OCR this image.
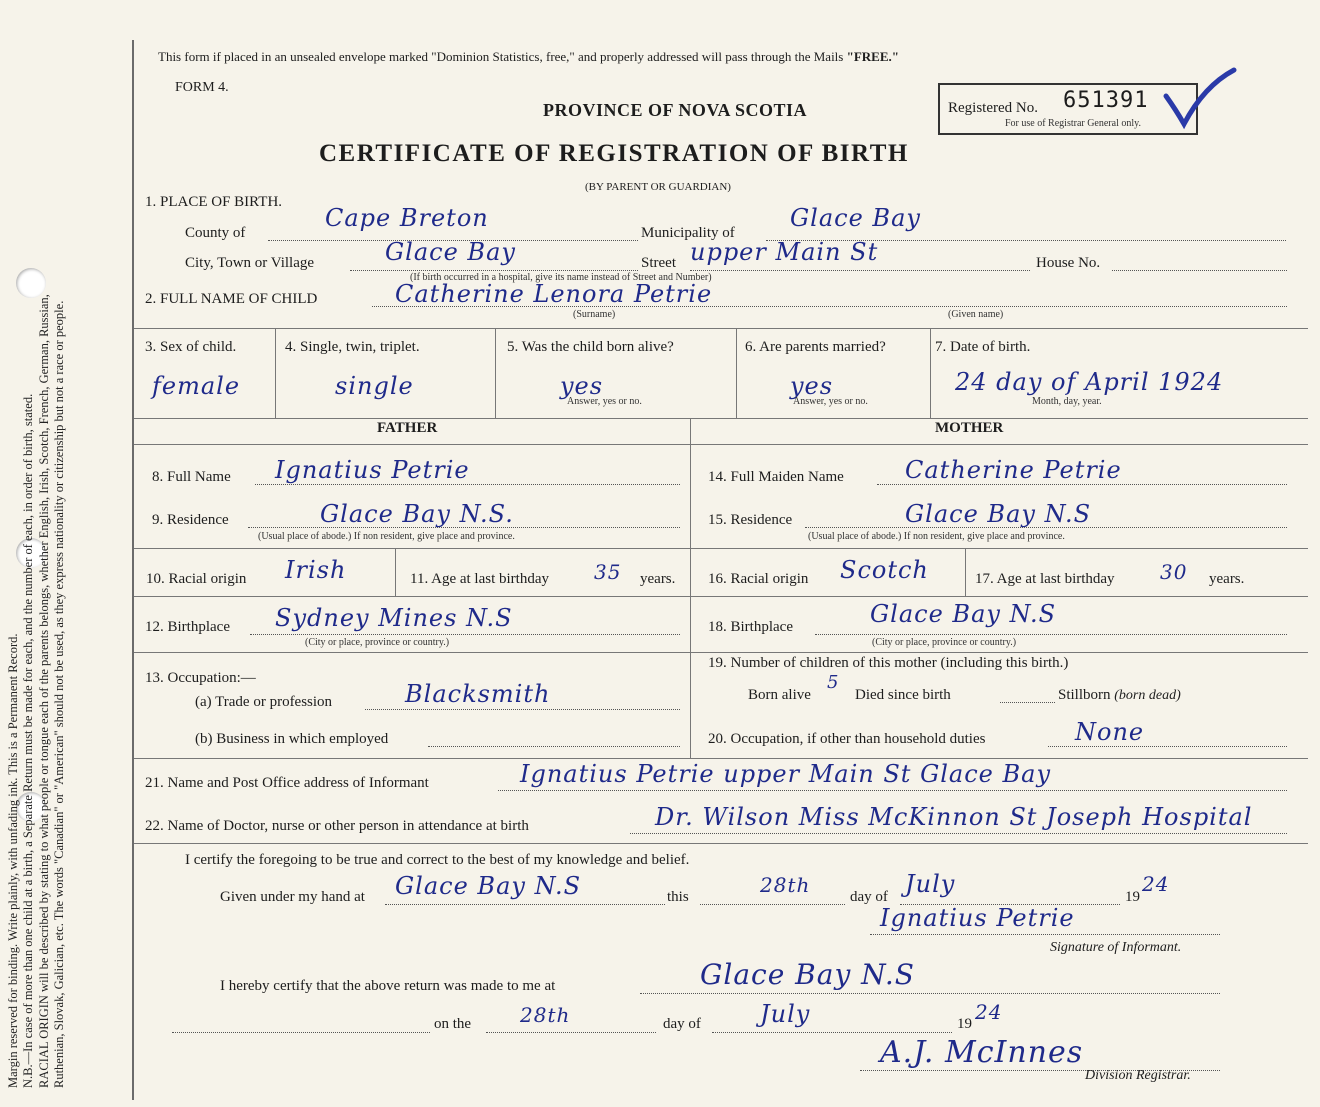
Margin reserved for binding. Write plainly, with unfading ink. This is a Permanent Record. N.B.—In case of more than one child at a birth, a Separate Return must be made for each, and the number of each, in order of birth, stated. RACIAL ORIGIN will be described by stating to what people or tongue each of the parents belongs, whether English, Irish, Scotch, French, German, Russian, Ruthenian, Slovak, Galician, etc. The words "Canadian" or "American" should not be used, as they express nationality or citizenship but not a race or people.
This form if placed in an unsealed envelope marked "Dominion Statistics, free," and properly addressed will pass through the Mails "FREE."
FORM 4.
PROVINCE OF NOVA SCOTIA	Registered No. 651391
For use of Registrar General only.
CERTIFICATE OF REGISTRATION OF BIRTH
(BY PARENT OR GUARDIAN)
1. PLACE OF BIRTH.
County of
Cape Breton
Municipality of
Glace Bay
City, Town or Village	Glace Bay	Street upper Main St	House No.
(If birth occurred in a hospital, give its name instead of Street and Number)
2. FULL NAME OF CHILD	Catherine Lenora Petrie
(Surname)	(Given name)
3. Sex of child.
female
4. Single, twin, triplet.
single
5. Was the child born alive?
yes
Answer, yes or no.
6. Are parents married?
yes
Answer, yes or no.
7. Date of birth.
24 day of April 1924
Month, day, year.
FATHER	MOTHER
8. Full Name Ignatius Petrie
9. Residence	Glace Bay N.S.
(Usual place of abode.) If non resident, give place and province.
10. Racial origin Irish	11. Age at last birthday 35 years.
12. Birthplace Sydney Mines N.S
(City or place, province or country.)
13. Occupation:—
(a) Trade or profession	Blacksmith
(b) Business in which employed
14. Full Maiden Name	Catherine Petrie
15. Residence	Glace Bay N.S
(Usual place of abode.) If non resident, give place and province.
16. Racial origin Scotch	17. Age at last birthday 30 years.
18. Birthplace	Glace Bay N.S
(City or place, province or country.)
19. Number of children of this mother (including this birth.)
Born alive
5
Died since birth	Stillborn (born dead)
20. Occupation, if other than household duties	None
21. Name and Post Office address of Informant	Ignatius Petrie upper Main St Glace Bay
22. Name of Doctor, nurse or other person in attendance at birth	Dr. Wilson Miss McKinnon St Joseph Hospital
I certify the foregoing to be true and correct to the best of my knowledge and belief.
Given under my hand at Glace Bay N.S	this	28th	day of July	19
24
Ignatius Petrie
Signature of Informant.
I hereby certify that the above return was made to me at	Glace Bay N.S
on the 28th	day of July	19 24
A.J. McInnes
Division Registrar.
